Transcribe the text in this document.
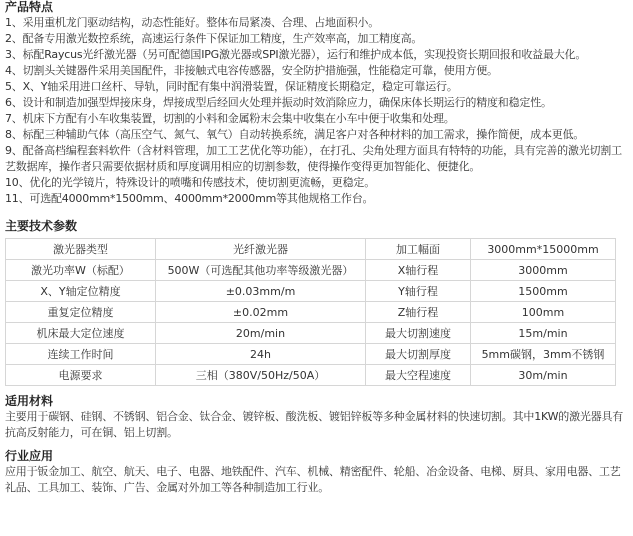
产品特点
1、采用重机龙门驱动结构，动态性能好。整体布局紧凑、合理、占地面积小。
2、配备专用激光数控系统，高速运行条件下保证加工精度，生产效率高，加工精度高。
3、标配Raycus光纤激光器（另可配德国IPG激光器或SPI激光器），运行和维护成本低，实现投资长期回报和收益最大化。
4、切割头关键器件采用美国配件，非接触式电容传感器，安全防护措施强，性能稳定可靠，使用方便。
5、X、Y轴采用进口丝杆、导轨，同时配有集中润滑装置，保证精度长期稳定，稳定可靠运行。
6、设计和制造加强型焊接床身，焊接成型后经回火处理并振动时效消除应力，确保床体长期运行的精度和稳定性。
7、机床下方配有小车收集装置，切割的小料和金属粉末会集中收集在小车中便于收集和处理。
8、标配三种辅助气体（高压空气、氮气、氧气）自动转换系统，满足客户对各种材料的加工需求，操作简便，成本更低。
9、配备高档编程套料软件（含材料管理，加工工艺优化等功能），在打孔、尖角处理方面具有特特的功能，具有完善的激光切割工艺数据库，操作者只需要依据材质和厚度调用相应的切割参数，使得操作变得更加智能化、便捷化。
10、优化的光学镜片，特殊设计的喷嘴和传感技术，使切割更流畅，更稳定。
11、可选配4000mm*1500mm、4000mm*2000mm等其他规格工作台。
主要技术参数
激光器类型	光纤激光器	加工幅面	3000mm*15000mm
激光功率W（标配）	500W（可选配其他功率等级激光器）	X轴行程	3000mm
X、Y轴定位精度	±0.03mm/m	Y轴行程	1500mm
重复定位精度	±0.02mm	Z轴行程	100mm
机床最大定位速度	20m/min	最大切割速度	15m/min
连续工作时间	24h	最大切割厚度	5mm碳钢，3mm不锈钢
电源要求	三相（380V/50Hz/50A）	最大空程速度	30m/min
适用材料

主要用于碳钢、硅钢、不锈钢、铝合金、钛合金、镀锌板、酸洗板、镀铝锌板等多种金属材料的快速切割。其中1KW的激光器具有抗高反射能力，可在铜、铝上切割。

行业应用

应用于钣金加工、航空、航天、电子、电器、地铁配件、汽车、机械、精密配件、轮船、冶金设备、电梯、厨具、家用电器、工艺礼品、工具加工、装饰、广告、金属对外加工等各种制造加工行业。
